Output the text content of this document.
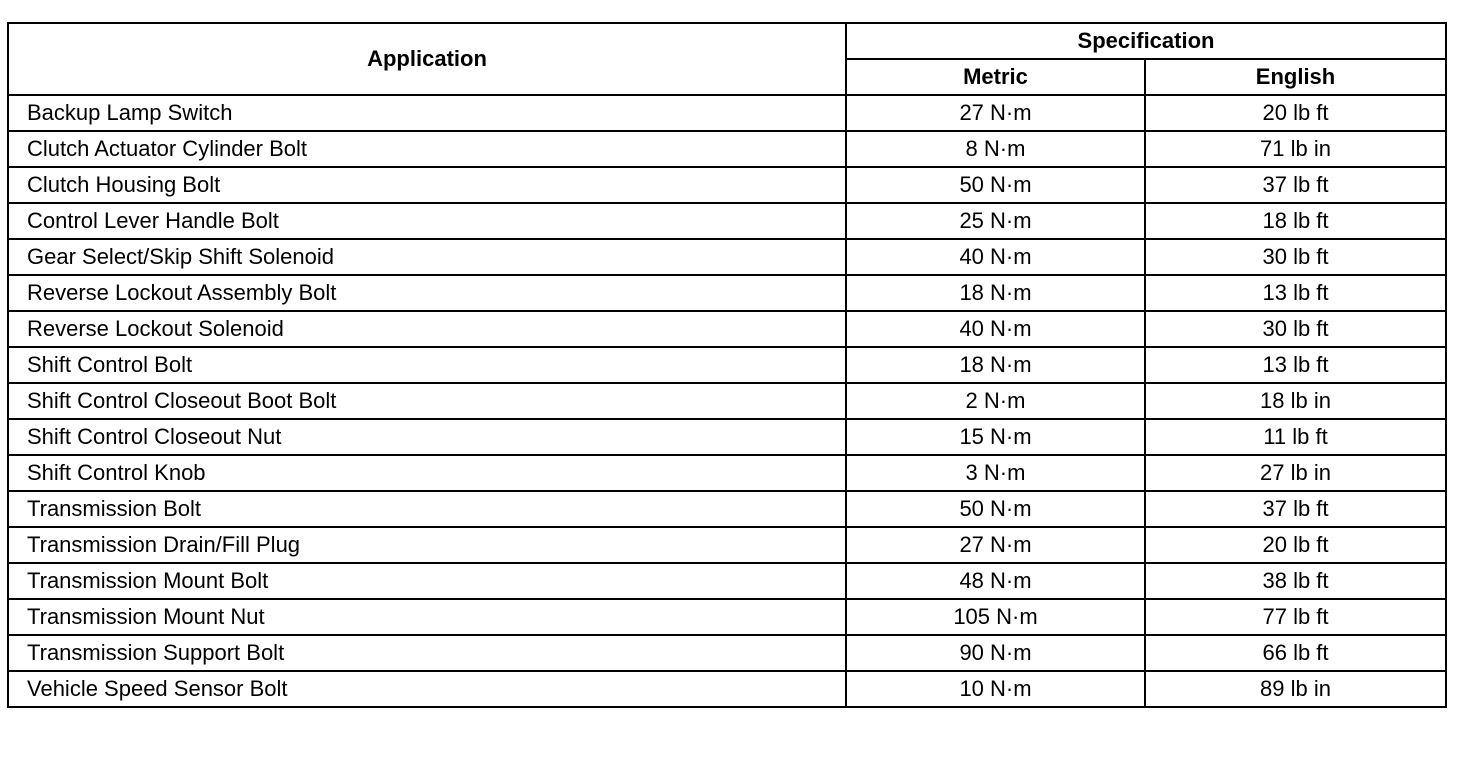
Application	Specification	
	Metric	English
Backup Lamp Switch	27 N·m	20 lb ft
Clutch Actuator Cylinder Bolt	8 N·m	71 lb in
Clutch Housing Bolt	50 N·m	37 lb ft
Control Lever Handle Bolt	25 N·m	18 lb ft
Gear Select/Skip Shift Solenoid	40 N·m	30 lb ft
Reverse Lockout Assembly Bolt	18 N·m	13 lb ft
Reverse Lockout Solenoid	40 N·m	30 lb ft
Shift Control Bolt	18 N·m	13 lb ft
Shift Control Closeout Boot Bolt	2 N·m	18 lb in
Shift Control Closeout Nut	15 N·m	11 lb ft
Shift Control Knob	3 N·m	27 lb in
Transmission Bolt	50 N·m	37 lb ft
Transmission Drain/Fill Plug	27 N·m	20 lb ft
Transmission Mount Bolt	48 N·m	38 lb ft
Transmission Mount Nut	105 N·m	77 lb ft
Transmission Support Bolt	90 N·m	66 lb ft
Vehicle Speed Sensor Bolt	10 N·m	89 lb in
